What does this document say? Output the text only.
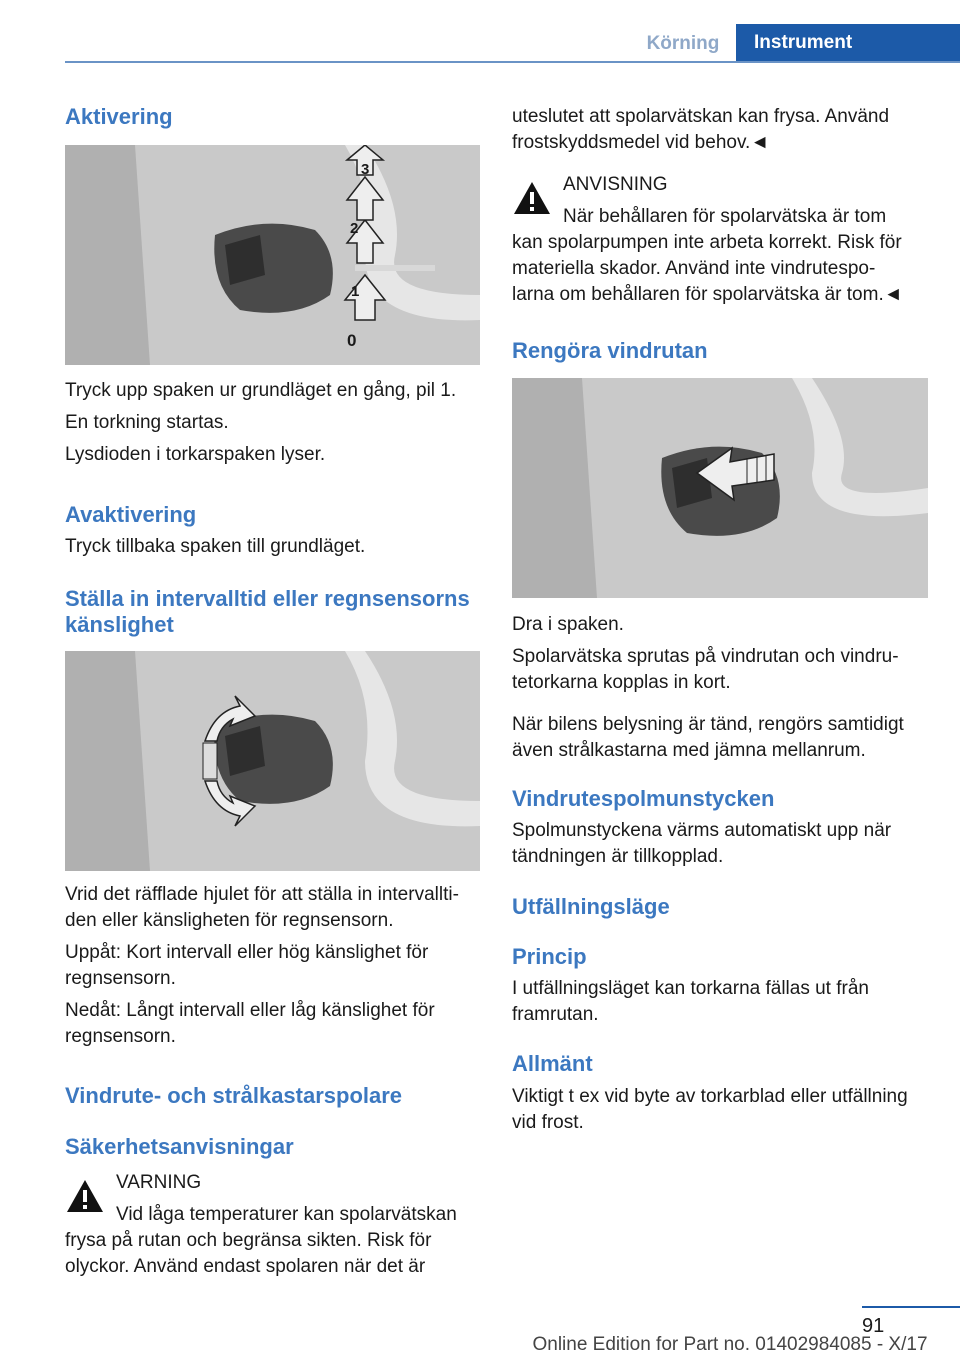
Körning	Instrument
Aktivering
3
2
1
0

Tryck upp spaken ur grundläget en gång, pil 1.

En torkning startas.

Lysdioden i torkarspaken lyser.

Avaktivering

Tryck tillbaka spaken till grundläget.

Ställa in intervalltid eller regnsensorns
känslighet

Vrid det räfflade hjulet för att ställa in intervallti‐
den eller känsligheten för regnsensorn.

Uppåt: Kort intervall eller hög känslighet för
regnsensorn.

Nedåt: Långt intervall eller låg känslighet för
regnsensorn.

Vindrute- och strålkastarspolare
Säkerhetsanvisningar

VARNING

Vid låga temperaturer kan spolarvätskan

frysa på rutan och begränsa sikten. Risk för

olyckor. Använd endast spolaren när det är

uteslutet att spolarvätskan kan frysa. Använd
frostskyddsmedel vid behov.◄

ANVISNING

När behållaren för spolarvätska är tom

kan spolarpumpen inte arbeta korrekt. Risk för

materiella skador. Använd inte vindrutespo‐

larna om behållaren för spolarvätska är tom.◄

Rengöra vindrutan

Dra i spaken.

Spolarvätska sprutas på vindrutan och vindru‐
tetorkarna kopplas in kort.

När bilens belysning är tänd, rengörs samtidigt
även strålkastarna med jämna mellanrum.

Vindrutespolmunstycken

Spolmunstyckena värms automatiskt upp när
tändningen är tillkopplad.

Utfällningsläge
Princip

I utfällningsläget kan torkarna fällas ut från
framrutan.

Allmänt

Viktigt t ex vid byte av torkarblad eller utfällning
vid frost.

91
Online Edition for Part no. 01402984085 - X/17
